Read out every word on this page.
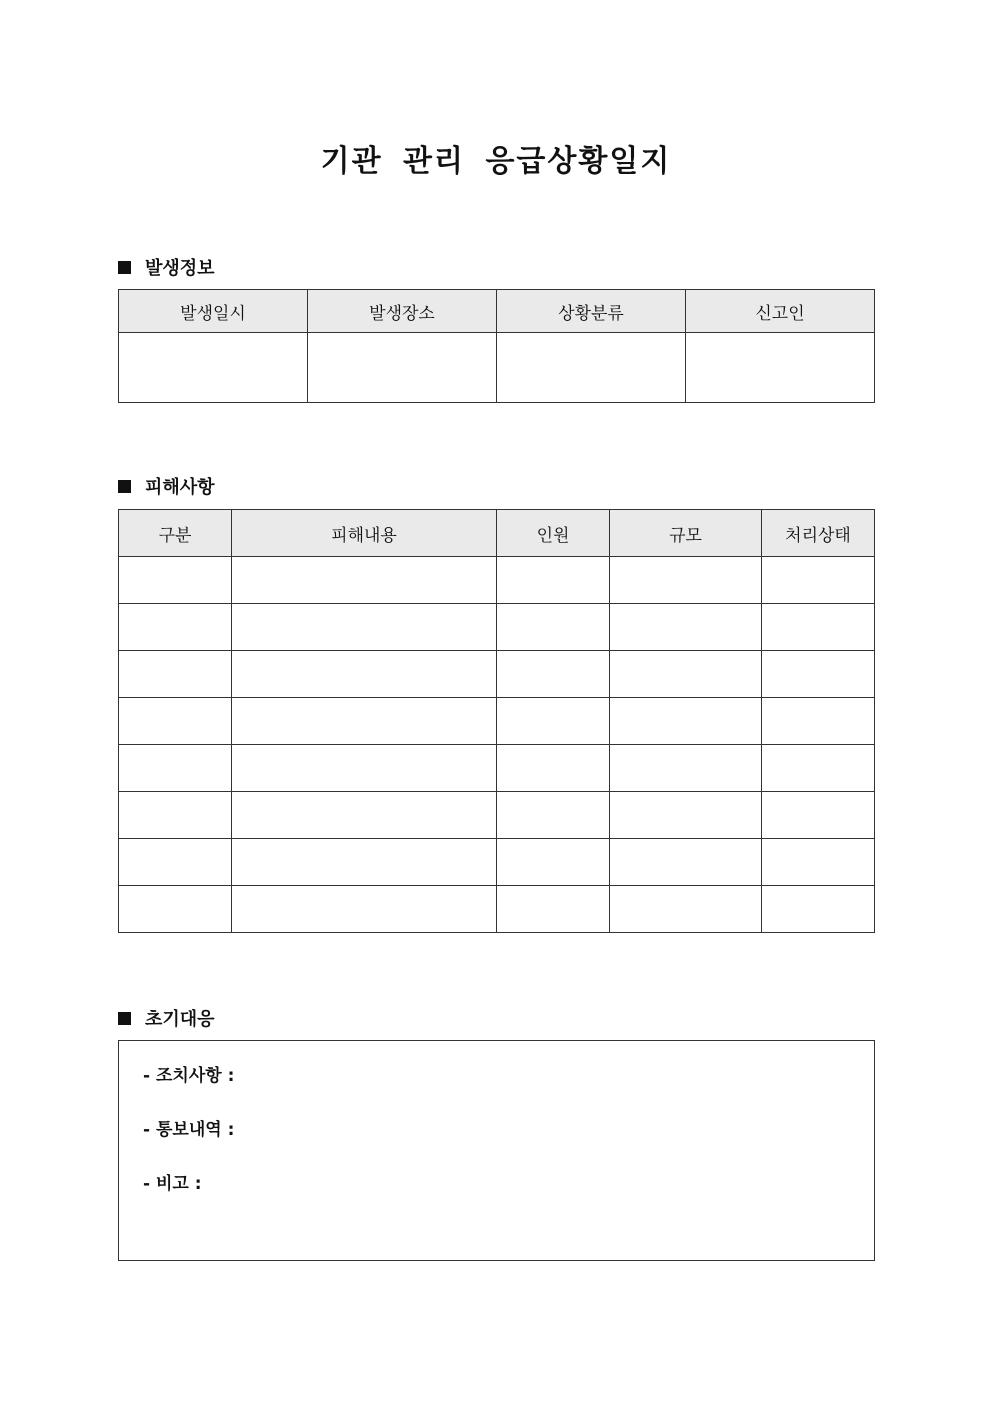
기관 관리 응급상황일지
발생정보
발생일시	발생장소	상황분류	신고인

피해사항
구분	피해내용	인원	규모	처리상태

초기대응
- 조치사항 :
- 통보내역 :
- 비고 :
